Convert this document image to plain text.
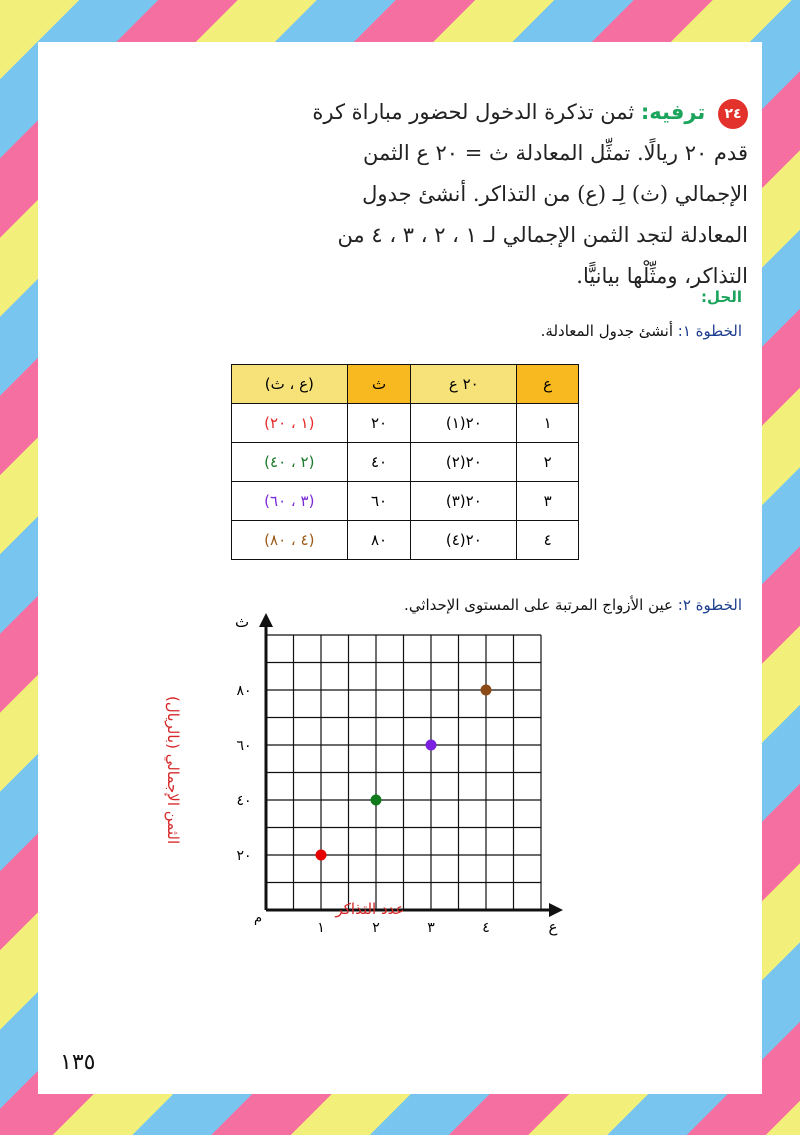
٢٤ ترفيه: ثمن تذكرة الدخول لحضور مباراة كرة قدم ٢٠ ريالًا. تمثِّل المعادلة ث = ٢٠ ع الثمن الإجمالي (ث) لِـ (ع) من التذاكر. أنشئ جدول المعادلة لتجد الثمن الإجمالي لـ ١ ، ٢ ، ٣ ، ٤ من التذاكر، ومثِّلْها بيانيًّا.
الحل:
الخطوة ١: أنشئ جدول المعادلة.
ع	٢٠ ع	ث	(ع ، ث)
١	٢٠(١)	٢٠	(١ ، ٢٠)
٢	٢٠(٢)	٤٠	(٢ ، ٤٠)
٣	٢٠(٣)	٦٠	(٣ ، ٦٠)
٤	٢٠(٤)	٨٠	(٤ ، ٨٠)
الخطوة ٢: عين الأزواج المرتبة على المستوى الإحداثي.
١	٢	٣	٤
٢٠
٤٠
٦٠
٨٠
ع
ث
م
الثمن الإجمالي (بالريال)
عدد التذاكر
١٣٥
